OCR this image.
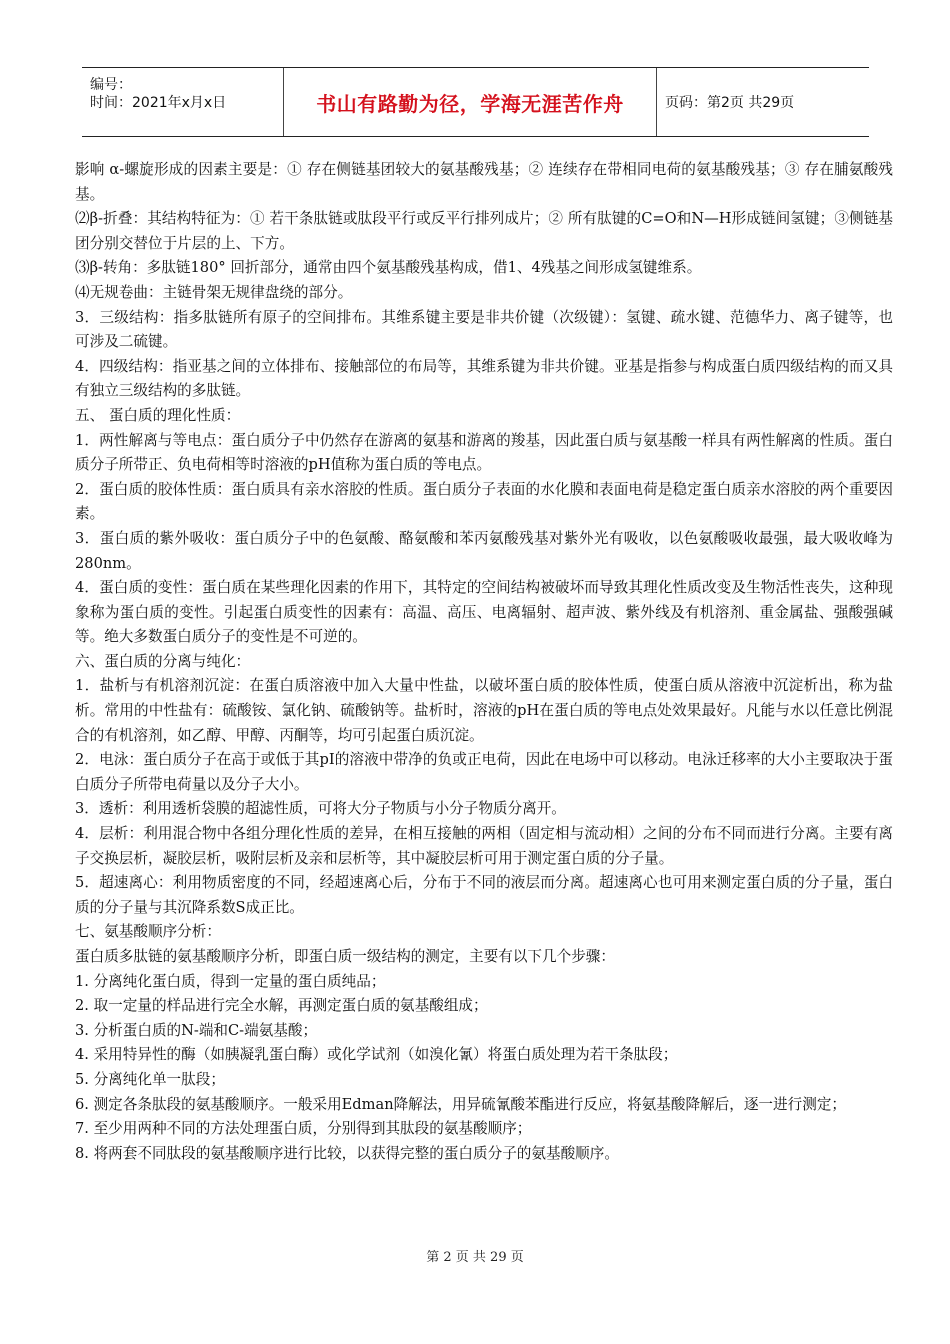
编号：
时间：2021年x月x日	书山有路勤为径，学海无涯苦作舟	页码：第2页 共29页

影响 α-螺旋形成的因素主要是：① 存在侧链基团较大的氨基酸残基；② 连续存在带相同电荷的氨基酸残基；③ 存在脯氨酸残基。

⑵β-折叠：其结构特征为：① 若干条肽链或肽段平行或反平行排列成片；② 所有肽键的C=O和N—H形成链间氢键；③侧链基团分别交替位于片层的上、下方。

⑶β-转角：多肽链180° 回折部分，通常由四个氨基酸残基构成，借1、4残基之间形成氢键维系。

⑷无规卷曲：主链骨架无规律盘绕的部分。

3．三级结构：指多肽链所有原子的空间排布。其维系键主要是非共价键（次级键）：氢键、疏水键、范德华力、离子键等，也可涉及二硫键。

4．四级结构：指亚基之间的立体排布、接触部位的布局等，其维系键为非共价键。亚基是指参与构成蛋白质四级结构的而又具有独立三级结构的多肽链。

五、 蛋白质的理化性质：

1．两性解离与等电点：蛋白质分子中仍然存在游离的氨基和游离的羧基，因此蛋白质与氨基酸一样具有两性解离的性质。蛋白质分子所带正、负电荷相等时溶液的pH值称为蛋白质的等电点。

2．蛋白质的胶体性质：蛋白质具有亲水溶胶的性质。蛋白质分子表面的水化膜和表面电荷是稳定蛋白质亲水溶胶的两个重要因素。

3．蛋白质的紫外吸收：蛋白质分子中的色氨酸、酪氨酸和苯丙氨酸残基对紫外光有吸收，以色氨酸吸收最强，最大吸收峰为280nm。

4．蛋白质的变性：蛋白质在某些理化因素的作用下，其特定的空间结构被破坏而导致其理化性质改变及生物活性丧失，这种现象称为蛋白质的变性。引起蛋白质变性的因素有：高温、高压、电离辐射、超声波、紫外线及有机溶剂、重金属盐、强酸强碱等。绝大多数蛋白质分子的变性是不可逆的。

六、蛋白质的分离与纯化：

1．盐析与有机溶剂沉淀：在蛋白质溶液中加入大量中性盐，以破坏蛋白质的胶体性质，使蛋白质从溶液中沉淀析出，称为盐析。常用的中性盐有：硫酸铵、氯化钠、硫酸钠等。盐析时，溶液的pH在蛋白质的等电点处效果最好。凡能与水以任意比例混合的有机溶剂，如乙醇、甲醇、丙酮等，均可引起蛋白质沉淀。

2．电泳：蛋白质分子在高于或低于其pI的溶液中带净的负或正电荷，因此在电场中可以移动。电泳迁移率的大小主要取决于蛋白质分子所带电荷量以及分子大小。

3．透析：利用透析袋膜的超滤性质，可将大分子物质与小分子物质分离开。

4．层析：利用混合物中各组分理化性质的差异，在相互接触的两相（固定相与流动相）之间的分布不同而进行分离。主要有离子交换层析，凝胶层析，吸附层析及亲和层析等，其中凝胶层析可用于测定蛋白质的分子量。

5．超速离心：利用物质密度的不同，经超速离心后，分布于不同的液层而分离。超速离心也可用来测定蛋白质的分子量，蛋白质的分子量与其沉降系数S成正比。

七、氨基酸顺序分析：

蛋白质多肽链的氨基酸顺序分析，即蛋白质一级结构的测定，主要有以下几个步骤：

1. 分离纯化蛋白质，得到一定量的蛋白质纯品；

2. 取一定量的样品进行完全水解，再测定蛋白质的氨基酸组成；

3. 分析蛋白质的N-端和C-端氨基酸；

4. 采用特异性的酶（如胰凝乳蛋白酶）或化学试剂（如溴化氰）将蛋白质处理为若干条肽段；

5. 分离纯化单一肽段；

6. 测定各条肽段的氨基酸顺序。一般采用Edman降解法，用异硫氰酸苯酯进行反应，将氨基酸降解后，逐一进行测定；

7. 至少用两种不同的方法处理蛋白质，分别得到其肽段的氨基酸顺序；

8. 将两套不同肽段的氨基酸顺序进行比较，以获得完整的蛋白质分子的氨基酸顺序。

第 2 页 共 29 页
